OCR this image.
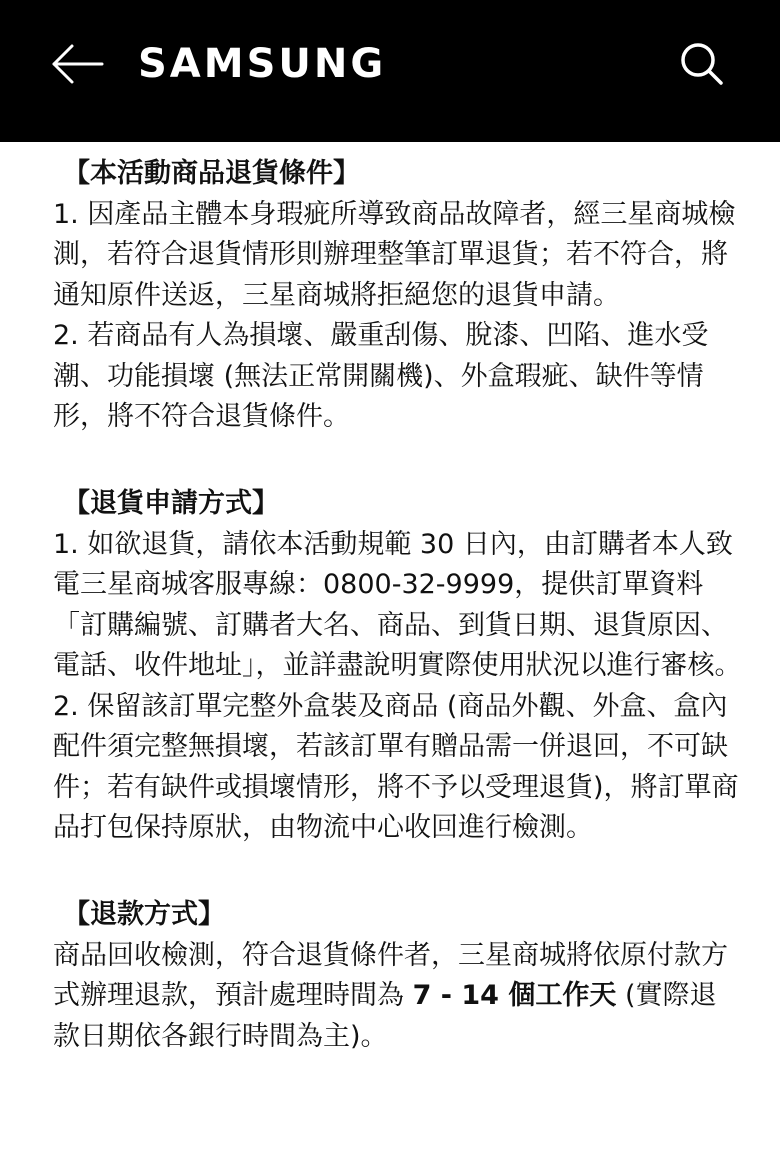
SAMSUNG
【本活動商品退貨條件】

1. 因產品主體本身瑕疵所導致商品故障者，經三星商城檢測，若符合退貨情形則辦理整筆訂單退貨；若不符合，將通知原件送返，三星商城將拒絕您的退貨申請。

2. 若商品有人為損壞、嚴重刮傷、脫漆、凹陷、進水受潮、功能損壞 (無法正常開關機)、外盒瑕疵、缺件等情形，將不符合退貨條件。

【退貨申請方式】

1. 如欲退貨，請依本活動規範 30 日內，由訂購者本人致電三星商城客服專線：0800-32-9999，提供訂單資料「訂購編號、訂購者大名、商品、到貨日期、退貨原因、電話、收件地址」，並詳盡說明實際使用狀況以進行審核。

2. 保留該訂單完整外盒裝及商品 (商品外觀、外盒、盒內配件須完整無損壞，若該訂單有贈品需一併退回，不可缺件；若有缺件或損壞情形，將不予以受理退貨)，將訂單商品打包保持原狀，由物流中心收回進行檢測。

【退款方式】

商品回收檢測，符合退貨條件者，三星商城將依原付款方式辦理退款，預計處理時間為 7 - 14 個工作天 (實際退款日期依各銀行時間為主)。
